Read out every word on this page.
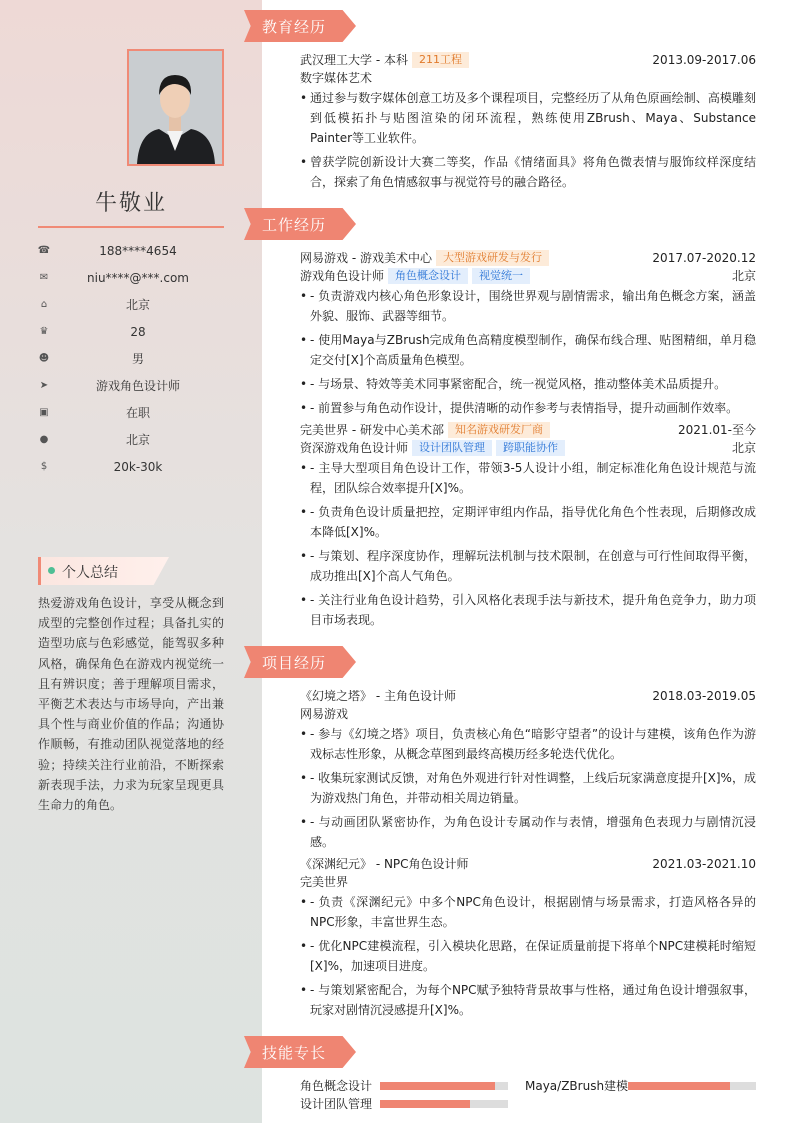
牛敬业
☎	188****4654
✉	niu****@***.com
⌂	北京
♛	28
☻	男
➤	游戏角色设计师
▣	在职
●	北京
$	20k-30k
个人总结
热爱游戏角色设计，享受从概念到成型的完整创作过程；具备扎实的造型功底与色彩感觉，能驾驭多种风格，确保角色在游戏内视觉统一且有辨识度；善于理解项目需求，平衡艺术表达与市场导向，产出兼具个性与商业价值的作品；沟通协作顺畅，有推动团队视觉落地的经验；持续关注行业前沿，不断探索新表现手法，力求为玩家呈现更具生命力的角色。
教育经历
武汉理工大学 - 本科 211工程	2013.09-2017.06
数字媒体艺术
• 通过参与数字媒体创意工坊及多个课程项目，完整经历了从角色原画绘制、高模雕刻到低模拓扑与贴图渲染的闭环流程，熟练使用ZBrush、Maya、Substance Painter等工业软件。
• 曾获学院创新设计大赛二等奖，作品《情绪面具》将角色微表情与服饰纹样深度结合，探索了角色情感叙事与视觉符号的融合路径。
工作经历
网易游戏 - 游戏美术中心 大型游戏研发与发行	2017.07-2020.12
游戏角色设计师 角色概念设计 视觉统一	北京
• - 负责游戏内核心角色形象设计，围绕世界观与剧情需求，输出角色概念方案，涵盖外貌、服饰、武器等细节。
• - 使用Maya与ZBrush完成角色高精度模型制作，确保布线合理、贴图精细，单月稳定交付[X]个高质量角色模型。
• - 与场景、特效等美术同事紧密配合，统一视觉风格，推动整体美术品质提升。
• - 前置参与角色动作设计，提供清晰的动作参考与表情指导，提升动画制作效率。
完美世界 - 研发中心美术部 知名游戏研发厂商	2021.01-至今
资深游戏角色设计师 设计团队管理 跨职能协作	北京
• - 主导大型项目角色设计工作，带领3-5人设计小组，制定标准化角色设计规范与流程，团队综合效率提升[X]%。
• - 负责角色设计质量把控，定期评审组内作品，指导优化角色个性表现，后期修改成本降低[X]%。
• - 与策划、程序深度协作，理解玩法机制与技术限制，在创意与可行性间取得平衡，成功推出[X]个高人气角色。
• - 关注行业角色设计趋势，引入风格化表现手法与新技术，提升角色竞争力，助力项目市场表现。
项目经历
《幻境之塔》 - 主角色设计师	2018.03-2019.05
网易游戏
• - 参与《幻境之塔》项目，负责核心角色“暗影守望者”的设计与建模，该角色作为游戏标志性形象，从概念草图到最终高模历经多轮迭代优化。
• - 收集玩家测试反馈，对角色外观进行针对性调整，上线后玩家满意度提升[X]%，成为游戏热门角色，并带动相关周边销量。
• - 与动画团队紧密协作，为角色设计专属动作与表情，增强角色表现力与剧情沉浸感。
《深渊纪元》 - NPC角色设计师	2021.03-2021.10
完美世界
• - 负责《深渊纪元》中多个NPC角色设计，根据剧情与场景需求，打造风格各异的NPC形象，丰富世界生态。
• - 优化NPC建模流程，引入模块化思路，在保证质量前提下将单个NPC建模耗时缩短[X]%，加速项目进度。
• - 与策划紧密配合，为每个NPC赋予独特背景故事与性格，通过角色设计增强叙事，玩家对剧情沉浸感提升[X]%。
技能专长
角色概念设计	Maya/ZBrush建模
设计团队管理
